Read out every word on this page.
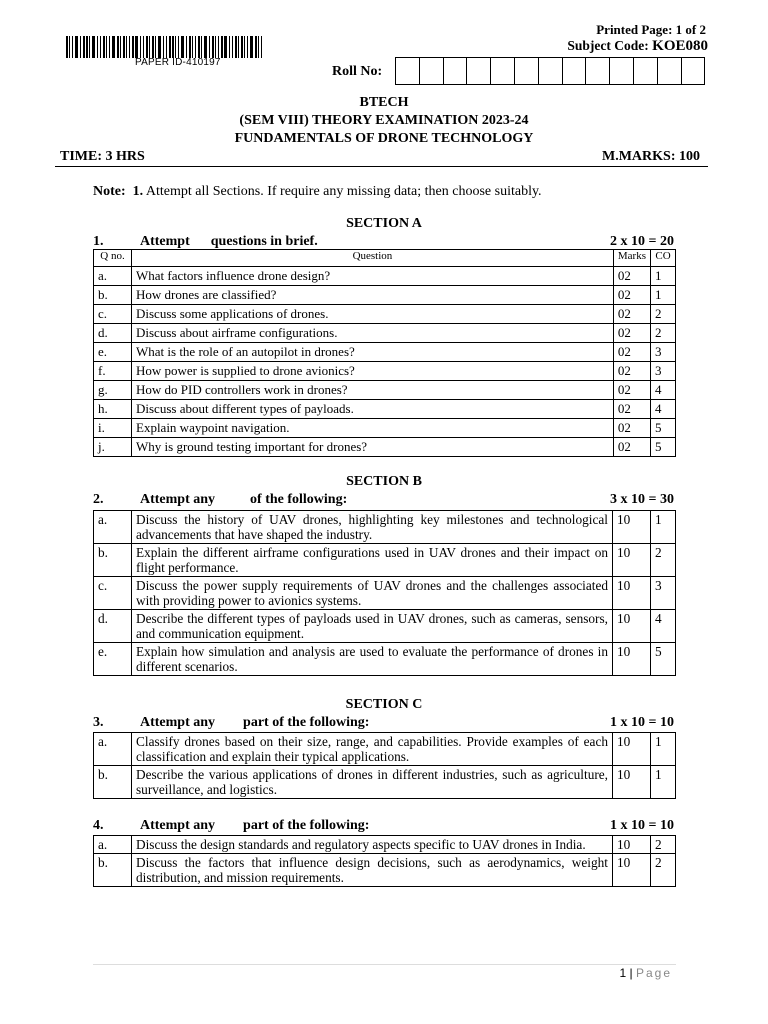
PAPER ID-410197
Printed Page: 1 of 2
Subject Code: KOE080
Roll No:
BTECH
(SEM VIII) THEORY EXAMINATION 2023-24
FUNDAMENTALS OF DRONE TECHNOLOGY
TIME: 3 HRS	M.MARKS: 100
Note: 1. Attempt all Sections. If require any missing data; then choose suitably.
SECTION A
1.	Attempt      questions in brief.	2 x 10 = 20
Q no.	Question	Marks	CO
a.	What factors influence drone design?	02	1
b.	How drones are classified?	02	1
c.	Discuss some applications of drones.	02	2
d.	Discuss about airframe configurations.	02	2
e.	What is the role of an autopilot in drones?	02	3
f.	How power is supplied to drone avionics?	02	3
g.	How do PID controllers work in drones?	02	4
h.	Discuss about different types of payloads.	02	4
i.	Explain waypoint navigation.	02	5
j.	Why is ground testing important for drones?	02	5
SECTION B
2.	Attempt any          of the following:	3 x 10 = 30
a.	Discuss the history of UAV drones, highlighting key milestones and technological advancements that have shaped the industry.	10	1
b.	Explain the different airframe configurations used in UAV drones and their impact on flight performance.	10	2
c.	Discuss the power supply requirements of UAV drones and the challenges associated with providing power to avionics systems.	10	3
d.	Describe the different types of payloads used in UAV drones, such as cameras, sensors, and communication equipment.	10	4
e.	Explain how simulation and analysis are used to evaluate the performance of drones in different scenarios.	10	5
SECTION C
3.	Attempt any        part of the following:	1 x 10 = 10
a.	Classify drones based on their size, range, and capabilities. Provide examples of each classification and explain their typical applications.	10	1
b.	Describe the various applications of drones in different industries, such as agriculture, surveillance, and logistics.	10	1
4.	Attempt any        part of the following:	1 x 10 = 10
a.	Discuss the design standards and regulatory aspects specific to UAV drones in India.	10	2
b.	Discuss the factors that influence design decisions, such as aerodynamics, weight distribution, and mission requirements.	10	2
1 | Page
